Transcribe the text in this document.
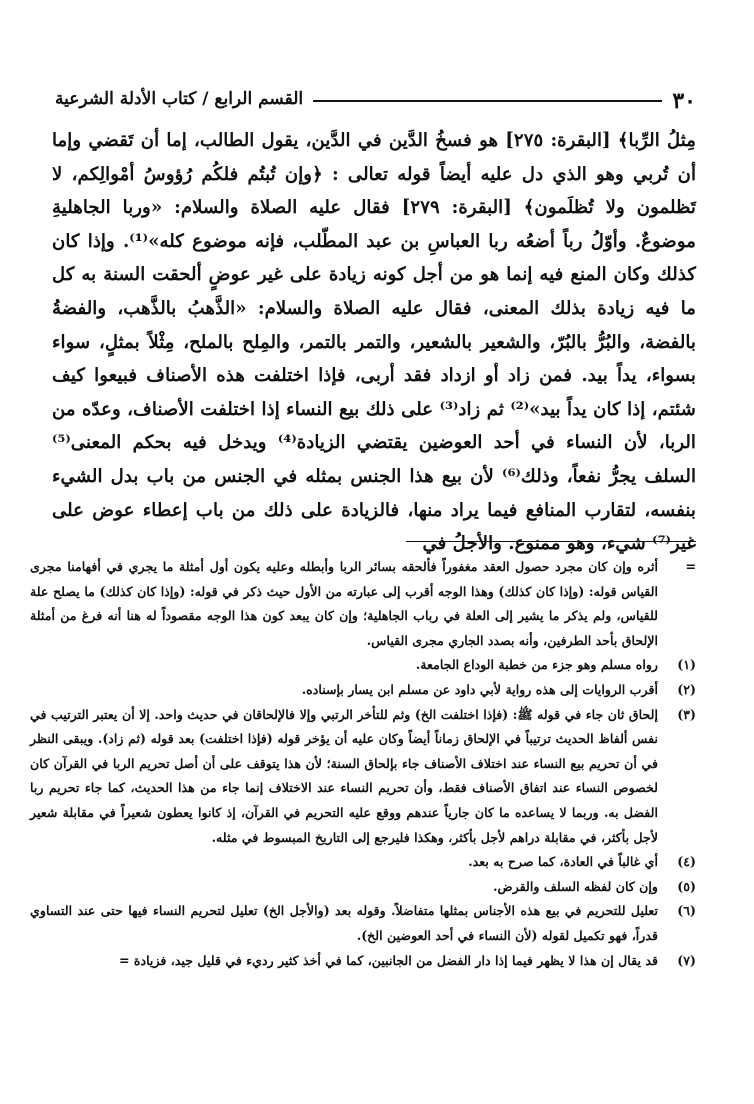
٣٠
القسم الرابع / كتاب الأدلة الشرعية

مِثلُ الرِّبا﴾ [البقرة: ٢٧٥] هو فسخُ الدَّين في الدَّين، يقول الطالب، إما أن تَقضي وإما أن تُربي وهو الذي دل عليه أيضاً قوله تعالى : ﴿وإن تُبتُم فلكُم رُؤوسُ أمْوالِكم، لا تَظلمون ولا تُظلَمون﴾ [البقرة: ٢٧٩] فقال عليه الصلاة والسلام: «وربا الجاهليةِ موضوعٌ. وأوّلُ رباً أضعُه ربا العباسِ بن عبد المطّلب، فإنه موضوع كله»⁽¹⁾. وإذا كان كذلك وكان المنع فيه إنما هو من أجل كونه زيادة على غير عوضٍ ألحقت السنة به كل ما فيه زيادة بذلك المعنى، فقال عليه الصلاة والسلام: «الذَّهبُ بالذَّهب، والفضةُ بالفضة، والبُرُّ بالبُرّ، والشعير بالشعير، والتمر بالتمر، والمِلح بالملح، مِثْلاً بمثلٍ، سواء بسواء، يداً بيد. فمن زاد أو ازداد فقد أربى، فإذا اختلفت هذه الأصناف فبيعوا كيف شئتم، إذا كان يداً بيد»⁽²⁾ ثم زاد⁽³⁾ على ذلك بيع النساء إذا اختلفت الأصناف، وعدّه من الربا، لأن النساء في أحد العوضين يقتضي الزيادة⁽⁴⁾ ويدخل فيه بحكم المعنى⁽⁵⁾ السلف يجرُّ نفعاً، وذلك⁽⁶⁾ لأن بيع هذا الجنس بمثله في الجنس من باب بدل الشيء بنفسه، لتقارب المنافع فيما يراد منها، فالزيادة على ذلك من باب إعطاء عوض على غير⁽⁷⁾ شيء، وهو ممنوع. والأجلُ في

=
أثره وإن كان مجرد حصول العقد مغفوراً فألحقه بسائر الربا وأبطله وعليه يكون أول أمثلة ما يجري في أفهامنا مجرى القياس قوله: (وإذا كان كذلك) وهذا الوجه أقرب إلى عبارته من الأول حيث ذكر في قوله: (وإذا كان كذلك) ما يصلح علة للقياس، ولم يذكر ما يشير إلى العلة في رباب الجاهلية؛ وإن كان يبعد كون هذا الوجه مقصوداً له هنا أنه فرغ من أمثلة الإلحاق بأحد الطرفين، وأنه بصدد الجاري مجرى القياس.
(١)
رواه مسلم وهو جزء من خطبة الوداع الجامعة.
(٢)
أقرب الروايات إلى هذه رواية لأبي داود عن مسلم ابن يسار بإسناده.
(٣)
إلحاق ثان جاء في قوله ﷺ: (فإذا اختلفت الخ) وثم للتأخر الرتبي وإلا فالإلحاقان في حديث واحد. إلا أن يعتبر الترتيب في نفس ألفاظ الحديث ترتيباً في الإلحاق زماناً أيضاً وكان عليه أن يؤخر قوله (فإذا اختلفت) بعد قوله (ثم زاد). ويبقى النظر في أن تحريم بيع النساء عند اختلاف الأصناف جاء بإلحاق السنة؛ لأن هذا يتوقف على أن أصل تحريم الربا في القرآن كان لخصوص النساء عند اتفاق الأصناف فقط، وأن تحريم النساء عند الاختلاف إنما جاء من هذا الحديث، كما جاء تحريم ربا الفضل به. وربما لا يساعده ما كان جارياً عندهم ووقع عليه التحريم في القرآن، إذ كانوا يعطون شعيراً في مقابلة شعير لأجل بأكثر، في مقابلة دراهم لأجل بأكثر، وهكذا فليرجع إلى التاريخ المبسوط في مثله.
(٤)
أي غالباً في العادة، كما صرح به بعد.
(٥)
وإن كان لفظه السلف والقرض.
(٦)
تعليل للتحريم في بيع هذه الأجناس بمثلها متفاضلاً. وقوله بعد (والأجل الخ) تعليل لتحريم النساء فيها حتى عند التساوي قدراً، فهو تكميل لقوله (لأن النساء في أحد العوضين الخ).
(٧)
قد يقال إن هذا لا يظهر فيما إذا دار الفضل من الجانبين، كما في أخذ كثير رديء في قليل جيد، فزيادة =
